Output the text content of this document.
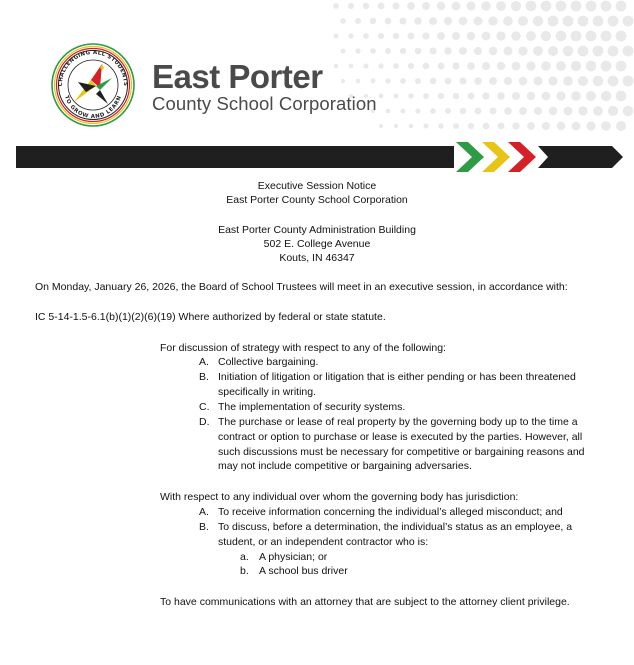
CHALLENGING ALL STUDENTS
TO GROW AND LEARN
East Porter
County School Corporation
Executive Session Notice
East Porter County School Corporation
East Porter County Administration Building
502 E. College Avenue
Kouts, IN 46347
On Monday, January 26, 2026, the Board of School Trustees will meet in an executive session, in accordance with:
IC 5-14-1.5-6.1(b)(1)(2)(6)(19) Where authorized by federal or state statute.
For discussion of strategy with respect to any of the following:
A. Collective bargaining.
B. Initiation of litigation or litigation that is either pending or has been threatened
specifically in writing.
C. The implementation of security systems.
D. The purchase or lease of real property by the governing body up to the time a
contract or option to purchase or lease is executed by the parties. However, all
such discussions must be necessary for competitive or bargaining reasons and
may not include competitive or bargaining adversaries.
With respect to any individual over whom the governing body has jurisdiction:
A. To receive information concerning the individual’s alleged misconduct; and
B. To discuss, before a determination, the individual’s status as an employee, a
student, or an independent contractor who is:
a. A physician; or
b. A school bus driver
To have communications with an attorney that are subject to the attorney client privilege.
